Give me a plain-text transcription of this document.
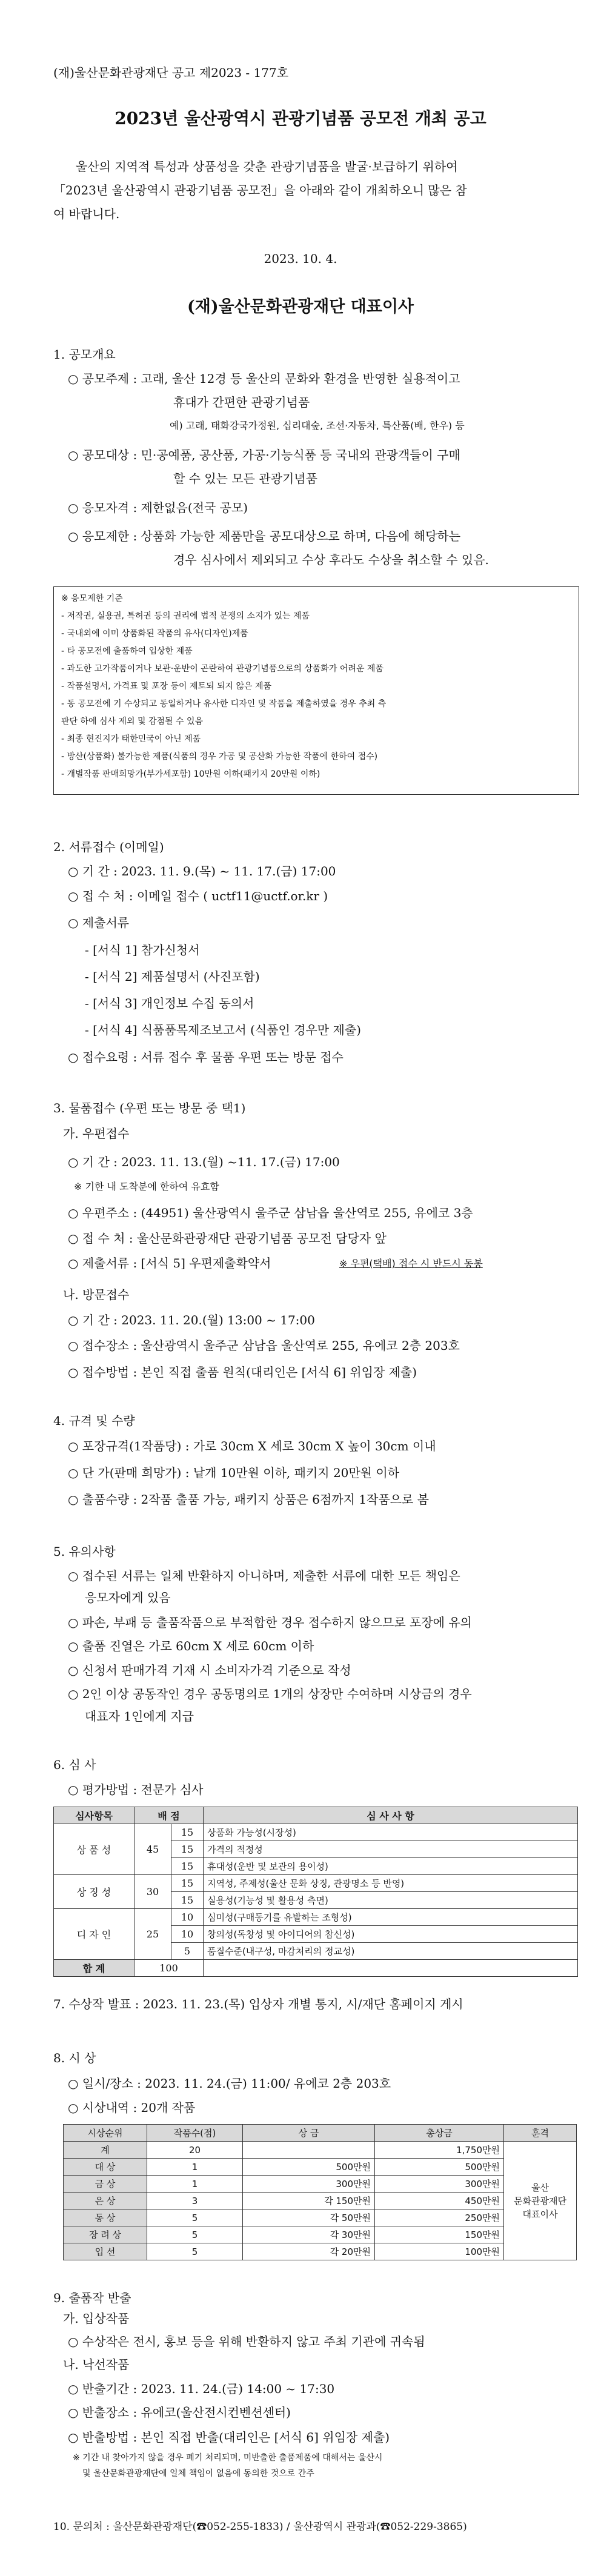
(재)울산문화관광재단 공고 제2023 - 177호
2023년 울산광역시 관광기념품 공모전 개최 공고
울산의 지역적 특성과 상품성을 갖춘 관광기념품을 발굴·보급하기 위하여
「2023년 울산광역시 관광기념품 공모전」을 아래와 같이 개최하오니 많은 참
여 바랍니다.
2023. 10. 4.
(재)울산문화관광재단 대표이사
1. 공모개요
○ 공모주제 : 고래, 울산 12경 등 울산의 문화와 환경을 반영한 실용적이고
휴대가 간편한 관광기념품
예) 고래, 태화강국가정원, 십리대숲, 조선·자동차, 특산품(배, 한우) 등
○ 공모대상 : 민·공예품, 공산품, 가공·기능식품 등 국내외 관광객들이 구매
할 수 있는 모든 관광기념품
○ 응모자격 : 제한없음(전국 공모)
○ 응모제한 : 상품화 가능한 제품만을 공모대상으로 하며, 다음에 해당하는
경우 심사에서 제외되고 수상 후라도 수상을 취소할 수 있음.
※ 응모제한 기준
- 저작권, 실용권, 특허권 등의 권리에 법적 분쟁의 소지가 있는 제품
- 국내외에 이미 상품화된 작품의 유사(디자인)제품
- 타 공모전에 출품하여 입상한 제품
- 과도한 고가작품이거나 보관·운반이 곤란하여 관광기념품으로의 상품화가 어려운 제품
- 작품설명서, 가격표 및 포장 등이 제토되 되지 않은 제품
- 동 공모전에 기 수상되고 동일하거나 유사한 디자인 및 작품을 제출하였을 경우 추최 측
판단 하에 심사 제외 및 감점될 수 있음
- 최종 현진지가 태한민국이 아닌 제품
- 방산(상품화) 불가능한 제품(식품의 경우 가공 및 공산화 가능한 작품에 한하여 접수)
- 개별작품 판매희망가(부가세포함) 10만원 이하(패키지 20만원 이하)
2. 서류접수 (이메일)
○ 기 간 : 2023. 11. 9.(목) ~ 11. 17.(금) 17:00
○ 접 수 처 : 이메일 접수 ( uctf11@uctf.or.kr )
○ 제출서류
- [서식 1] 참가신청서
- [서식 2] 제품설명서 (사진포함)
- [서식 3] 개인정보 수집 동의서
- [서식 4] 식품품목제조보고서 (식품인 경우만 제출)
○ 접수요령 : 서류 접수 후 물품 우편 또는 방문 접수
3. 물품접수 (우편 또는 방문 중 택1)
가. 우편접수
○ 기 간 : 2023. 11. 13.(월) ~11. 17.(금) 17:00
※ 기한 내 도착분에 한하여 유효함
○ 우편주소 : (44951) 울산광역시 울주군 삼남읍 울산역로 255, 유에코 3층
○ 접 수 처 : 울산문화관광재단 관광기념품 공모전 담당자 앞
○ 제출서류 : [서식 5] 우편제출확약서	※ 우편(택배) 접수 시 반드시 동봉
나. 방문접수
○ 기 간 : 2023. 11. 20.(월) 13:00 ~ 17:00
○ 접수장소 : 울산광역시 울주군 삼남읍 울산역로 255, 유에코 2층 203호
○ 접수방법 : 본인 직접 출품 원칙(대리인은 [서식 6] 위임장 제출)
4. 규격 및 수량
○ 포장규격(1작품당) : 가로 30cm X 세로 30cm X 높이 30cm 이내
○ 단 가(판매 희망가) : 낱개 10만원 이하, 패키지 20만원 이하
○ 출품수량 : 2작품 출품 가능, 패키지 상품은 6점까지 1작품으로 봄
5. 유의사항
○ 접수된 서류는 일체 반환하지 아니하며, 제출한 서류에 대한 모든 책임은
응모자에게 있음
○ 파손, 부패 등 출품작품으로 부적합한 경우 접수하지 않으므로 포장에 유의
○ 출품 진열은 가로 60cm X 세로 60cm 이하
○ 신청서 판매가격 기재 시 소비자가격 기준으로 작성
○ 2인 이상 공동작인 경우 공동명의로 1개의 상장만 수여하며 시상금의 경우
대표자 1인에게 지급
6. 심 사
○ 평가방법 : 전문가 심사
심사항목	배 점		심 사 사 항
상 품 성	45	15	상품화 가능성(시장성)
		15	가격의 적정성
		15	휴대성(운반 및 보관의 용이성)
상 징 성	30	15	지역성, 주제성(울산 문화 상징, 관광명소 등 반영)
		15	실용성(기능성 및 활용성 측면)
디 자 인	25	10	심미성(구매동기를 유발하는 조형성)
		10	창의성(독창성 및 아이디어의 참신성)
		5	품질수준(내구성, 마감처리의 정교성)
합 계	100		
7. 수상작 발표 : 2023. 11. 23.(목) 입상자 개별 통지, 시/재단 홈페이지 게시
8. 시 상
○ 일시/장소 : 2023. 11. 24.(금) 11:00/ 유에코 2층 203호
○ 시상내역 : 20개 작품
시상순위	작품수(점)	상 금	총상금	훈격
계	20		1,750만원	울산
문화관광재단
대표이사

대 상	1	500만원	500만원	
금 상	1	300만원	300만원	
은 상	3	각 150만원	450만원	
동 상	5	각 50만원	250만원	
장 려 상	5	각 30만원	150만원	
입 선	5	각 20만원	100만원	
9. 출품작 반출
가. 입상작품
○ 수상작은 전시, 홍보 등을 위해 반환하지 않고 주최 기관에 귀속됨
나. 낙선작품
○ 반출기간 : 2023. 11. 24.(금) 14:00 ~ 17:30
○ 반출장소 : 유에코(울산전시컨벤션센터)
○ 반출방법 : 본인 직접 반출(대리인은 [서식 6] 위임장 제출)
※ 기간 내 찾아가지 않을 경우 폐기 처리되며, 미반출한 출품제품에 대해서는 울산시
및 울산문화관광재단에 일체 책임이 없음에 동의한 것으로 간주
10. 문의처 : 울산문화관광재단(☎052-255-1833) / 울산광역시 관광과(☎052-229-3865)
